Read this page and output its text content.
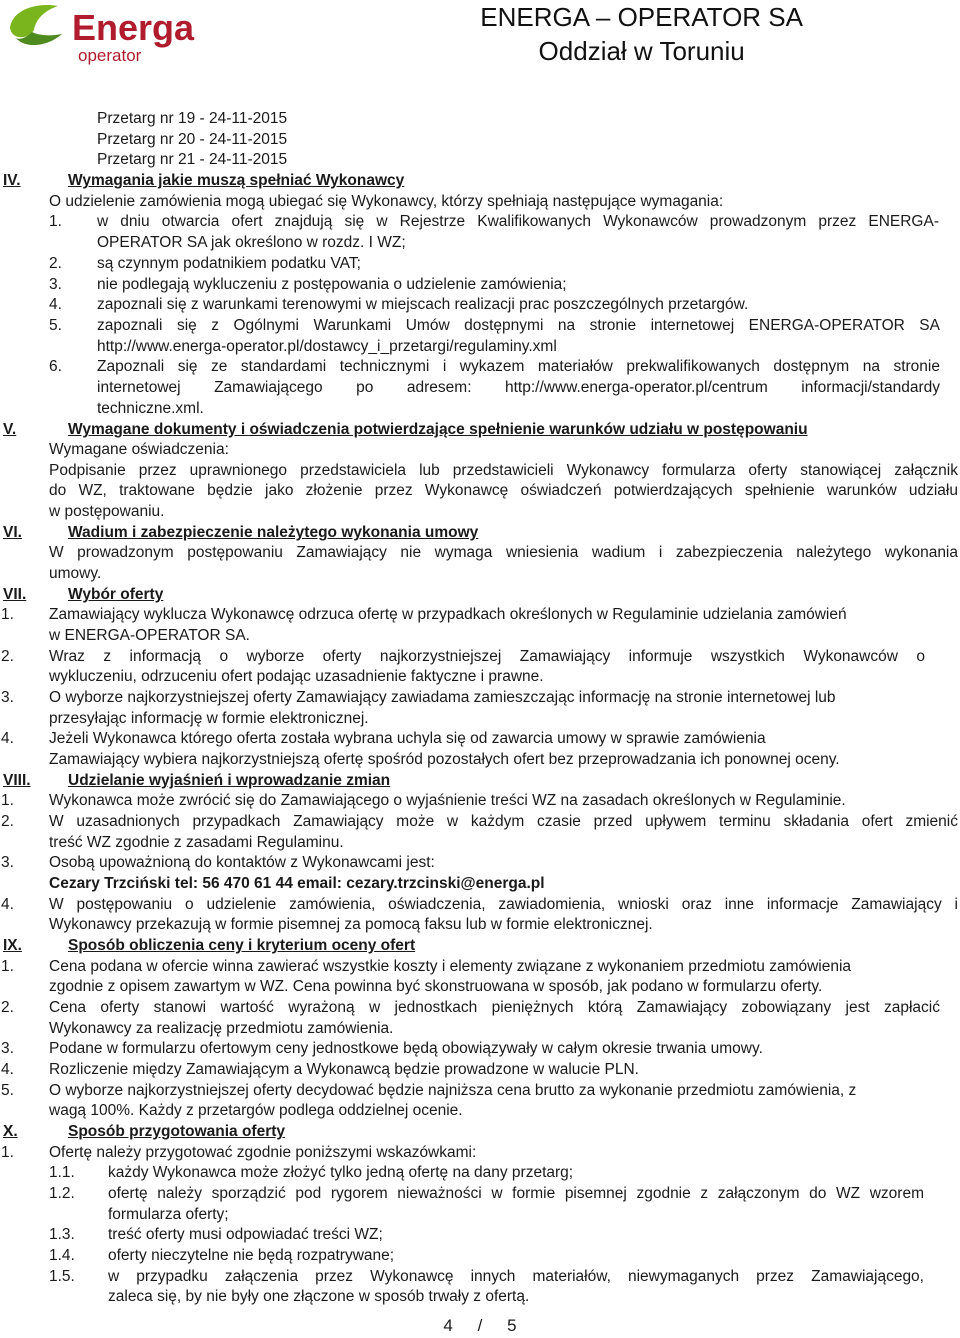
Energa
operator
ENERGA – OPERATOR SA
Oddział w Toruniu
Przetarg nr 19 - 24-11-2015
Przetarg nr 20 - 24-11-2015
Przetarg nr 21 - 24-11-2015
IV.	Wymagania jakie muszą spełniać Wykonawcy
O udzielenie zamówienia mogą ubiegać się Wykonawcy, którzy spełniają następujące wymagania:
1. w dniu otwarcia ofert znajdują się w Rejestrze Kwalifikowanych Wykonawców prowadzonym przez ENERGA-
OPERATOR SA jak określono w rozdz. I WZ;
2. są czynnym podatnikiem podatku VAT;
3. nie podlegają wykluczeniu z postępowania o udzielenie zamówienia;
4. zapoznali się z warunkami terenowymi w miejscach realizacji prac poszczególnych przetargów.
5. zapoznali się z Ogólnymi Warunkami Umów dostępnymi na stronie internetowej ENERGA-OPERATOR SA
http://www.energa-operator.pl/dostawcy_i_przetargi/regulaminy.xml
6. Zapoznali się ze standardami technicznymi i wykazem materiałów prekwalifikowanych dostępnym na stronie
internetowej Zamawiającego po adresem: http://www.energa-operator.pl/centrum informacji/standardy
techniczne.xml.
V.	Wymagane dokumenty i oświadczenia potwierdzające spełnienie warunków udziału w postępowaniu
Wymagane oświadczenia:
Podpisanie przez uprawnionego przedstawiciela lub przedstawicieli Wykonawcy formularza oferty stanowiącej załącznik
do WZ, traktowane będzie jako złożenie przez Wykonawcę oświadczeń potwierdzających spełnienie warunków udziału
w postępowaniu.
VI.	Wadium i zabezpieczenie należytego wykonania umowy
W prowadzonym postępowaniu Zamawiający nie wymaga wniesienia wadium i zabezpieczenia należytego wykonania
umowy.
VII.	Wybór oferty
1. Zamawiający wyklucza Wykonawcę odrzuca ofertę w przypadkach określonych w Regulaminie udzielania zamówień
w ENERGA-OPERATOR SA.
2. Wraz z informacją o wyborze oferty najkorzystniejszej Zamawiający informuje wszystkich Wykonawców o
wykluczeniu, odrzuceniu ofert podając uzasadnienie faktyczne i prawne.
3. O wyborze najkorzystniejszej oferty Zamawiający zawiadama zamieszczając informację na stronie internetowej lub
przesyłając informację w formie elektronicznej.
4. Jeżeli Wykonawca którego oferta została wybrana uchyla się od zawarcia umowy w sprawie zamówienia
Zamawiający wybiera najkorzystniejszą ofertę spośród pozostałych ofert bez przeprowadzania ich ponownej oceny.
VIII. Udzielanie wyjaśnień i wprowadzanie zmian
1. Wykonawca może zwrócić się do Zamawiającego o wyjaśnienie treści WZ na zasadach określonych w Regulaminie.
2. W uzasadnionych przypadkach Zamawiający może w każdym czasie przed upływem terminu składania ofert zmienić
treść WZ zgodnie z zasadami Regulaminu.
3. Osobą upoważnioną do kontaktów z Wykonawcami jest:
Cezary Trzciński tel: 56 470 61 44 email: cezary.trzcinski@energa.pl
4. W postępowaniu o udzielenie zamówienia, oświadczenia, zawiadomienia, wnioski oraz inne informacje Zamawiający i
Wykonawcy przekazują w formie pisemnej za pomocą faksu lub w formie elektronicznej.
IX.	Sposób obliczenia ceny i kryterium oceny ofert
1. Cena podana w ofercie winna zawierać wszystkie koszty i elementy związane z wykonaniem przedmiotu zamówienia
zgodnie z opisem zawartym w WZ. Cena powinna być skonstruowana w sposób, jak podano w formularzu oferty.
2. Cena oferty stanowi wartość wyrażoną w jednostkach pieniężnych którą Zamawiający zobowiązany jest zapłacić
Wykonawcy za realizację przedmiotu zamówienia.
3. Podane w formularzu ofertowym ceny jednostkowe będą obowiązywały w całym okresie trwania umowy.
4. Rozliczenie między Zamawiającym a Wykonawcą będzie prowadzone w walucie PLN.
5. O wyborze najkorzystniejszej oferty decydować będzie najniższa cena brutto za wykonanie przedmiotu zamówienia, z
wagą 100%. Każdy z przetargów podlega oddzielnej ocenie.
X.	Sposób przygotowania oferty
1. Ofertę należy przygotować zgodnie poniższymi wskazówkami:
1.1. każdy Wykonawca może złożyć tylko jedną ofertę na dany przetarg;
1.2. ofertę należy sporządzić pod rygorem nieważności w formie pisemnej zgodnie z załączonym do WZ wzorem
formularza oferty;
1.3. treść oferty musi odpowiadać treści WZ;
1.4. oferty nieczytelne nie będą rozpatrywane;
1.5. w przypadku załączenia przez Wykonawcę innych materiałów, niewymaganych przez Zamawiającego,
zaleca się, by nie były one złączone w sposób trwały z ofertą.
4 / 5
